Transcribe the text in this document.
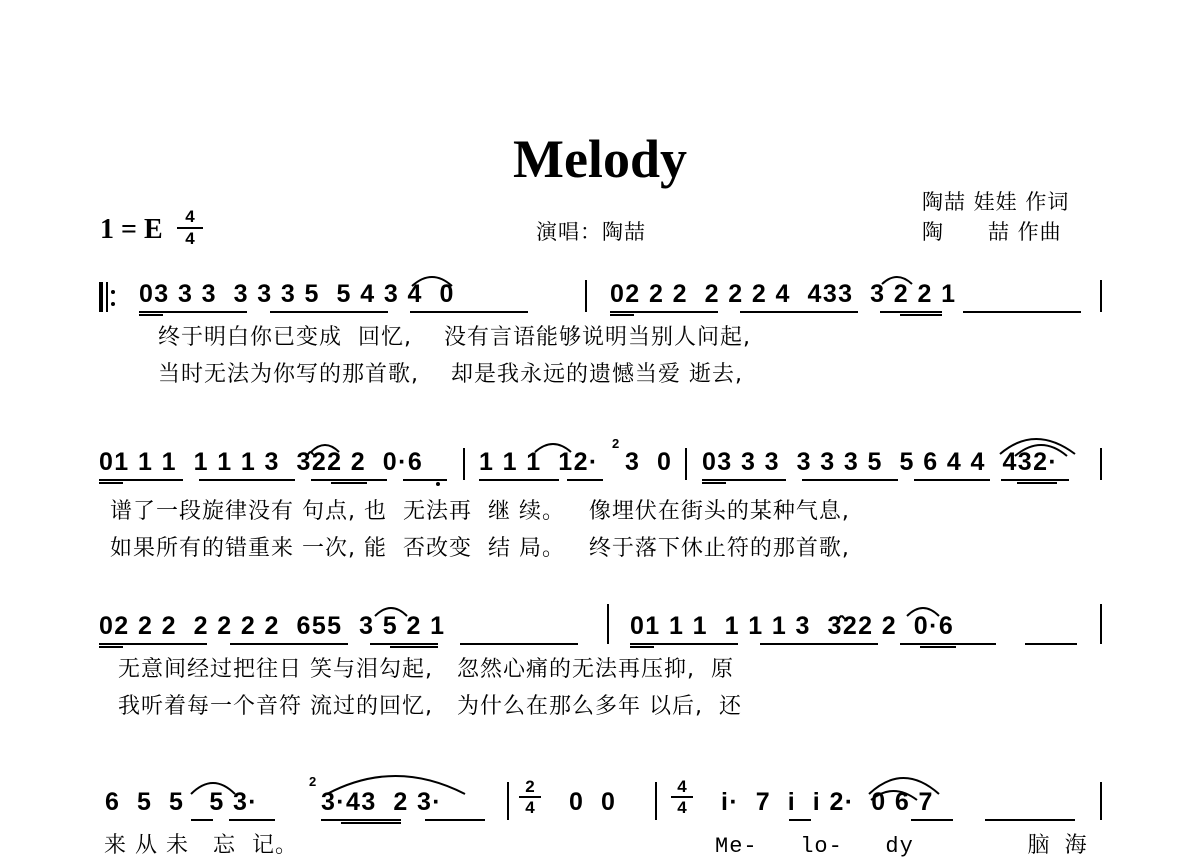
Melody
陶喆 娃娃 作词
陶　　喆 作曲
演唱：陶喆
1 = E	4
4
03 3 3  3 3 3 5  5 4 3 4  0	02 2 2  2 2 2 4  433  3 2 2 1
终于明白你已变成  回忆,    没有言语能够说明当别人问起,
当时无法为你写的那首歌,    却是我永远的遗憾当爱 逝去,
01 1 1  1 1 1 3  3̂22 2  0·6 1 1 1  12·
2
3  0 03 3 3  3 3 3 5  5 6 4 4  432·
谱了一段旋律没有 句点, 也  无法再  继 续。   像埋伏在街头的某种气息,
如果所有的错重来 一次, 能  否改变  结 局。   终于落下休止符的那首歌,
02 2 2  2 2 2 2  655  3 5 2 1	01 1 1  1 1 1 3  3̂22 2  0·6
无意间经过把往日 笑与泪勾起,   忽然心痛的无法再压抑,  原
我听着每一个音符 流过的回忆,   为什么在那么多年 以后,  还
6  5  5   5 3·
2
3·43  2 3·
2
4 0  0
4
4 i·  7  i  i 2·  0 6 7
来 从 未   忘  记。	Me-   lo-   dy        脑 海
